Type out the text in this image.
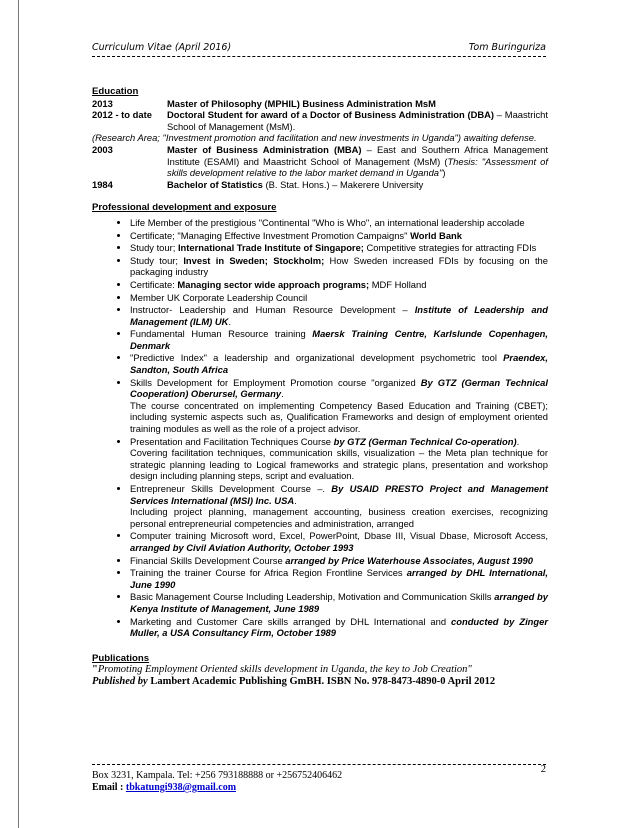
Curriculum Vitae (April 2016)	Tom Buringuriza
Education
2013	Master of Philosophy (MPHIL) Business Administration MsM
2012 - to date	Doctoral Student for award of a Doctor of Business Administration (DBA) – Maastricht School of Management (MsM).
(Research Area; "Investment promotion and facilitation and new investments in Uganda") awaiting defense.
2003	Master of Business Administration (MBA) – East and Southern Africa Management Institute (ESAMI) and Maastricht School of Management (MsM) (Thesis: "Assessment of skills development relative to the labor market demand in Uganda")
1984	Bachelor of Statistics (B. Stat. Hons.) – Makerere University
Professional development and exposure
• Life Member of the prestigious "Continental "Who is Who", an international leadership accolade
• Certificate; "Managing Effective Investment Promotion Campaigns" World Bank
• Study tour; International Trade Institute of Singapore; Competitive strategies for attracting FDIs
• Study tour; Invest in Sweden; Stockholm; How Sweden increased FDIs by focusing on the packaging industry
• Certificate: Managing sector wide approach programs; MDF Holland
• Member UK Corporate Leadership Council
• Instructor- Leadership and Human Resource Development – Institute of Leadership and Management (ILM) UK.
• Fundamental Human Resource training Maersk Training Centre, Karlslunde Copenhagen, Denmark
• "Predictive Index" a leadership and organizational development psychometric tool Praendex, Sandton, South Africa
• Skills Development for Employment Promotion course "organized By GTZ (German Technical Cooperation) Oberursel, Germany.
The course concentrated on implementing Competency Based Education and Training (CBET); including systemic aspects such as, Qualification Frameworks and design of employment oriented training modules as well as the role of a project advisor.
• Presentation and Facilitation Techniques Course by GTZ (German Technical Co-operation).
Covering facilitation techniques, communication skills, visualization – the Meta plan technique for strategic planning leading to Logical frameworks and strategic plans, presentation and workshop design including planning steps, script and evaluation.
• Entrepreneur Skills Development Course –. By USAID PRESTO Project and Management Services International (MSI) Inc. USA.
Including project planning, management accounting, business creation exercises, recognizing personal entrepreneurial competencies and administration, arranged
• Computer training Microsoft word, Excel, PowerPoint, Dbase III, Visual Dbase, Microsoft Access, arranged by Civil Aviation Authority, October 1993
• Financial Skills Development Course arranged by Price Waterhouse Associates, August 1990
• Training the trainer Course for Africa Region Frontline Services arranged by DHL International, June 1990
• Basic Management Course Including Leadership, Motivation and Communication Skills arranged by Kenya Institute of Management, June 1989
• Marketing and Customer Care skills arranged by DHL International and conducted by Zinger Muller, a USA Consultancy Firm, October 1989
Publications
"Promoting Employment Oriented skills development in Uganda, the key to Job Creation"
Published by Lambert Academic Publishing GmBH. ISBN No. 978-8473-4890-0 April 2012
2
Box 3231, Kampala. Tel: +256 793188888 or +256752406462
Email : tbkatungi938@gmail.com
